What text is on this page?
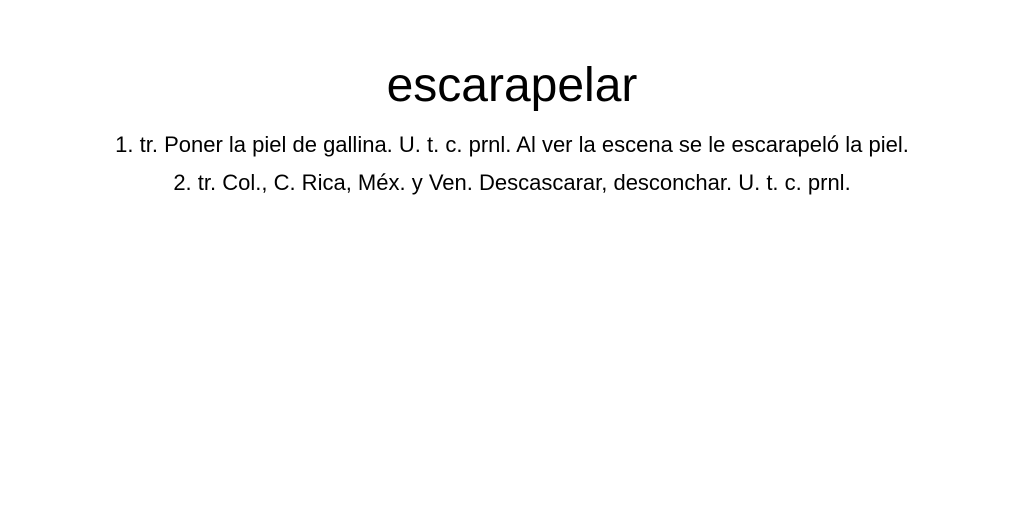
escarapelar
1. tr. Poner la piel de gallina. U. t. c. prnl. Al ver la escena se le escarapeló la piel.
2. tr. Col., C. Rica, Méx. y Ven. Descascarar, desconchar. U. t. c. prnl.
